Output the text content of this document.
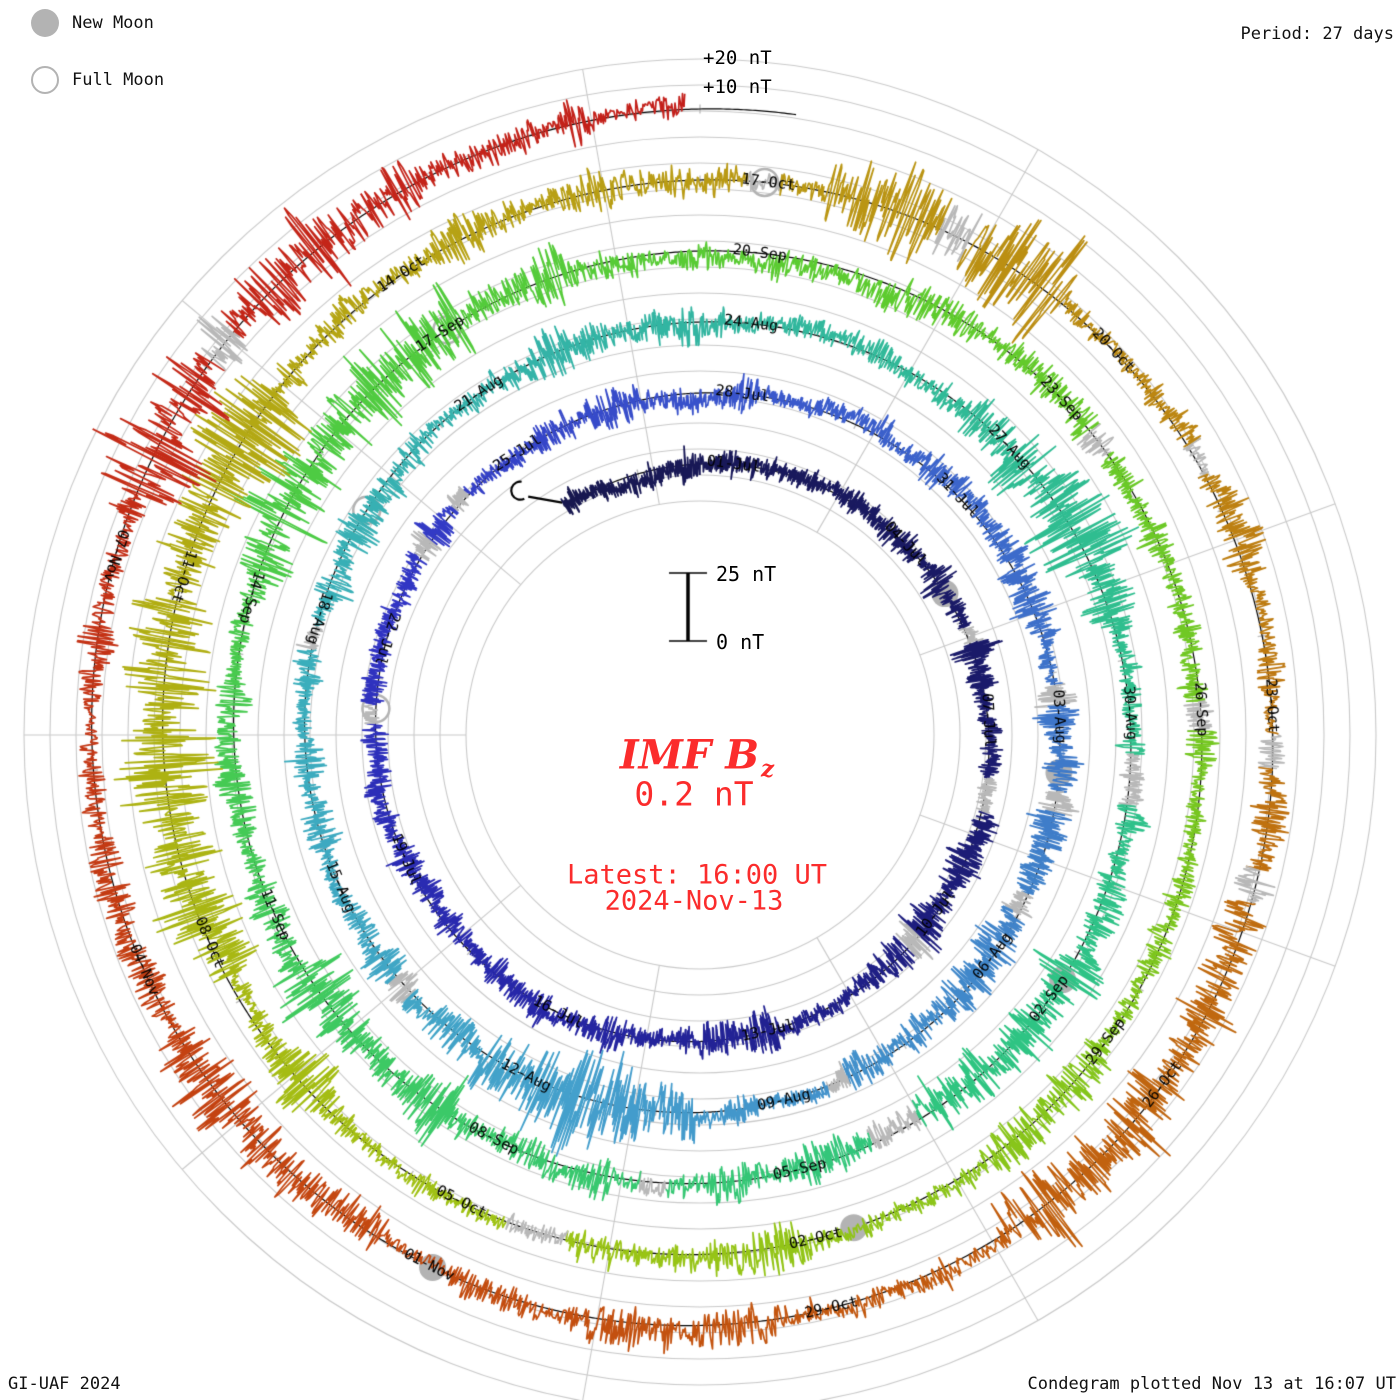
New Moon
Full Moon
Period: 27 days
+20 nT
+10 nT
25 nT
0 nT
IMF Bz
0.2 nT
Latest: 16:00 UT
2024-Nov-13
GI-UAF 2024	Condegram plotted Nov 13 at 16:07 UT
